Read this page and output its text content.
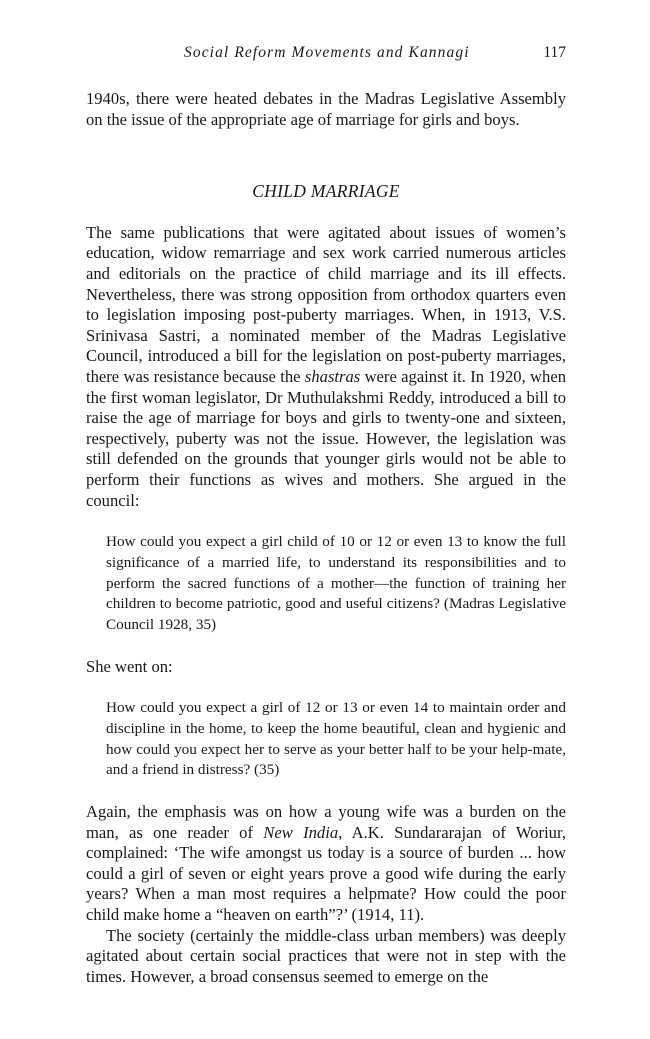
Social Reform Movements and Kannagi	117

1940s, there were heated debates in the Madras Legislative Assembly on the issue of the appropriate age of marriage for girls and boys.

CHILD MARRIAGE

The same publications that were agitated about issues of women’s education, widow remarriage and sex work carried numerous articles and editorials on the practice of child marriage and its ill effects. Nevertheless, there was strong opposition from orthodox quarters even to legislation imposing post-puberty marriages. When, in 1913, V.S. Srinivasa Sastri, a nominated member of the Madras Legislative Council, introduced a bill for the legislation on post-puberty marriages, there was resistance because the shastras were against it. In 1920, when the first woman legislator, Dr Muthulakshmi Reddy, introduced a bill to raise the age of marriage for boys and girls to twenty-one and sixteen, respectively, puberty was not the issue. However, the legislation was still defended on the grounds that younger girls would not be able to perform their functions as wives and mothers. She argued in the council:

How could you expect a girl child of 10 or 12 or even 13 to know the full significance of a married life, to understand its responsibilities and to perform the sacred functions of a mother—the function of training her children to become patriotic, good and useful citizens? (Madras Legislative Council 1928, 35)

She went on:

How could you expect a girl of 12 or 13 or even 14 to maintain order and discipline in the home, to keep the home beautiful, clean and hygienic and how could you expect her to serve as your better half to be your help-mate, and a friend in distress? (35)

Again, the emphasis was on how a young wife was a burden on the man, as one reader of New India, A.K. Sundararajan of Woriur, complained: ‘The wife amongst us today is a source of burden ... how could a girl of seven or eight years prove a good wife during the early years? When a man most requires a helpmate? How could the poor child make home a “heaven on earth”?’ (1914, 11).

The society (certainly the middle-class urban members) was deeply agitated about certain social practices that were not in step with the times. However, a broad consensus seemed to emerge on the
